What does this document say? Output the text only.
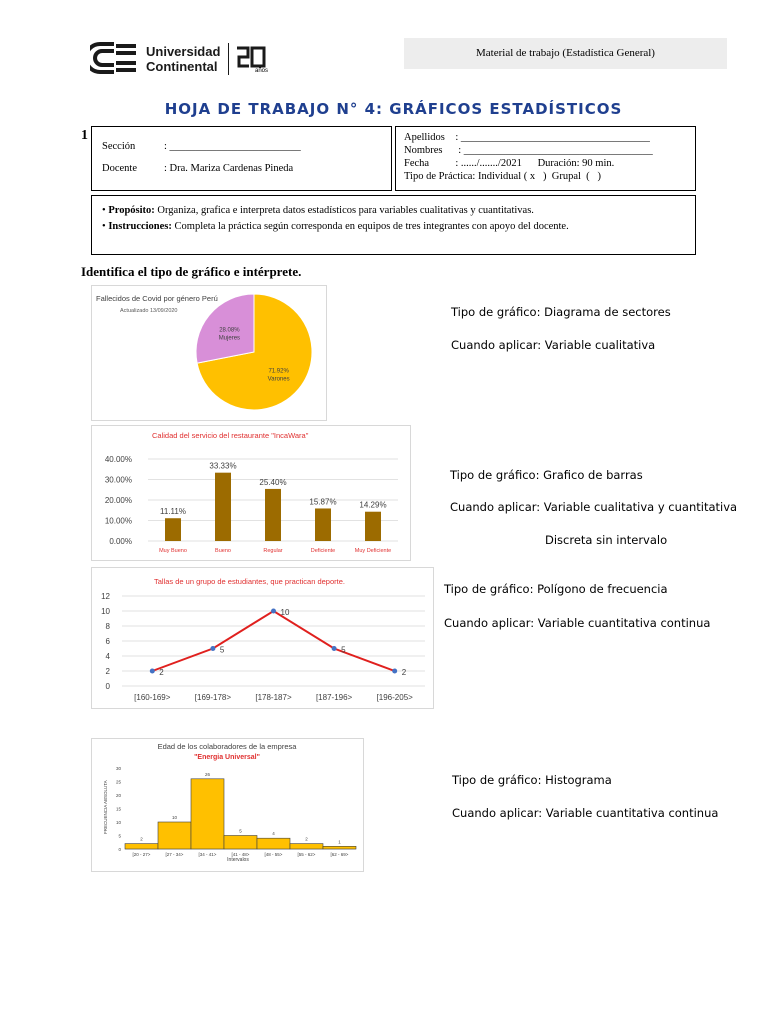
Universidad
Continental	años
Material de trabajo (Estadística General)
HOJA DE TRABAJO N° 4: GRÁFICOS ESTADÍSTICOS
1
Sección	: _________________________
Docente	: Dra. Mariza Cardenas Pineda

Apellidos    : ____________________________________

Nombres      : ____________________________________

Fecha          : ....../......./2021      Duración: 90 min.

Tipo de Práctica: Individual ( x   )  Grupal  (   )

• Propósito: Organiza, grafica e interpreta datos estadísticos para variables cualitativas y cuantitativas.
• Instrucciones: Completa la práctica según corresponda en equipos de tres integrantes con apoyo del docente.
Identifica el tipo de gráfico e intérprete.
Fallecidos de Covid por género Perú
Actualizado 13/09/2020
71.92%
Varones
28.08%
Mujeres
Calidad del servicio del restaurante "IncaWara"
0.00%
10.00%
20.00%
30.00%
40.00%
11.11%
Muy Bueno
33.33%
Bueno
25.40%
Regular
15.87%
Deficiente
14.29%
Muy Deficiente
Tallas de un grupo de estudiantes, que practican deporte.
0
2
4
6
8
10
12
2
[160-169>
5
[169-178>
10
[178-187>
5
[187-196>
2
[196-205>
Edad de los colaboradores de la empresa
"Energia Universal"
FRECUENCIA ABSOLUTA
Intervalos
0
5
10
15
20
25
30
2
[20 - 27>
10
[27 - 34>
26
[34 - 41>
5
[41 - 48>
4
[48 - 55>
2
[55 - 62>
1
[62 - 69>
Tipo de gráfico: Diagrama de sectores
Cuando aplicar: Variable cualitativa
Tipo de gráfico: Grafico de barras
Cuando aplicar: Variable cualitativa y cuantitativa
Discreta sin intervalo
Tipo de gráfico: Polígono de frecuencia
Cuando aplicar: Variable cuantitativa continua
Tipo de gráfico: Histograma
Cuando aplicar: Variable cuantitativa continua
